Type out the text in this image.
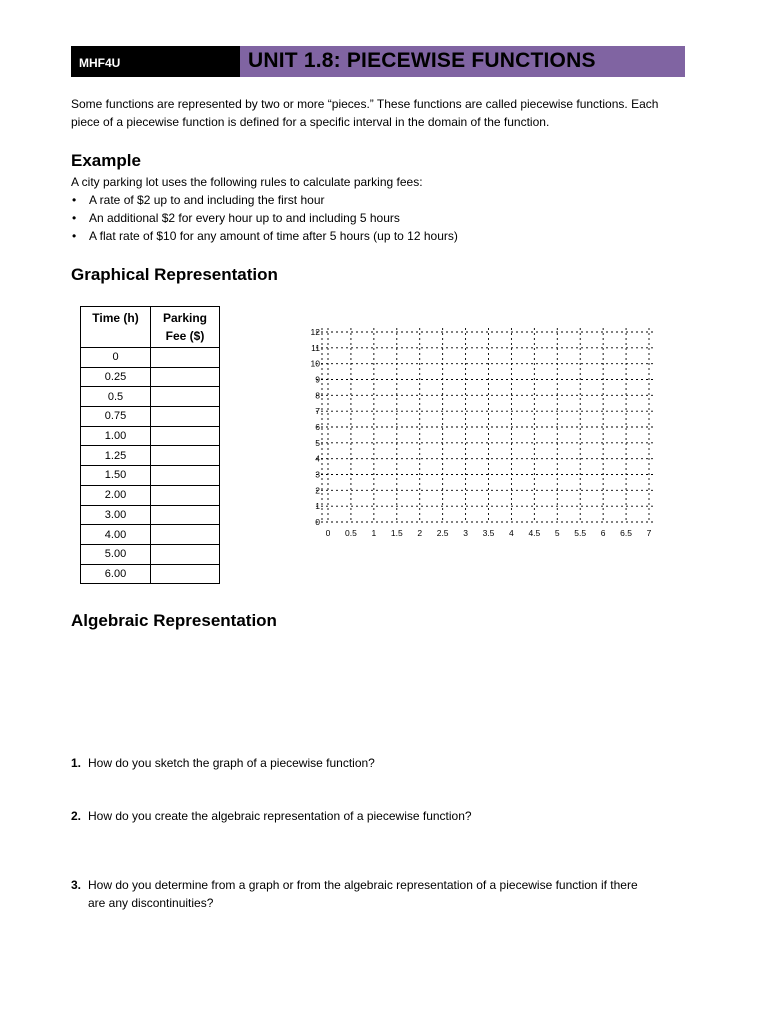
MHF4U	UNIT 1.8: PIECEWISE FUNCTIONS
Some functions are represented by two or more “pieces.” These functions are called piecewise functions. Each
piece of a piecewise function is defined for a specific interval in the domain of the function.
Example
A city parking lot uses the following rules to calculate parking fees:
• A rate of $2 up to and including the first hour
• An additional $2 for every hour up to and including 5 hours
• A flat rate of $10 for any amount of time after 5 hours (up to 12 hours)
Graphical Representation
Time (h)	Parking
Fee ($)

0	
0.25	
0.5	
0.75	
1.00	
1.25	
1.50	
2.00	
3.00	
4.00	
5.00	
6.00	
0 0.5 1 1.5 2 2.5 3 3.5 4 4.5 5 5.5 6 6.5 7
0
1
2
3
4
5
6
7
8
9
10
11
12
Algebraic Representation
1. How do you sketch the graph of a piecewise function?
2. How do you create the algebraic representation of a piecewise function?
3. How do you determine from a graph or from the algebraic representation of a piecewise function if there
are any discontinuities?
